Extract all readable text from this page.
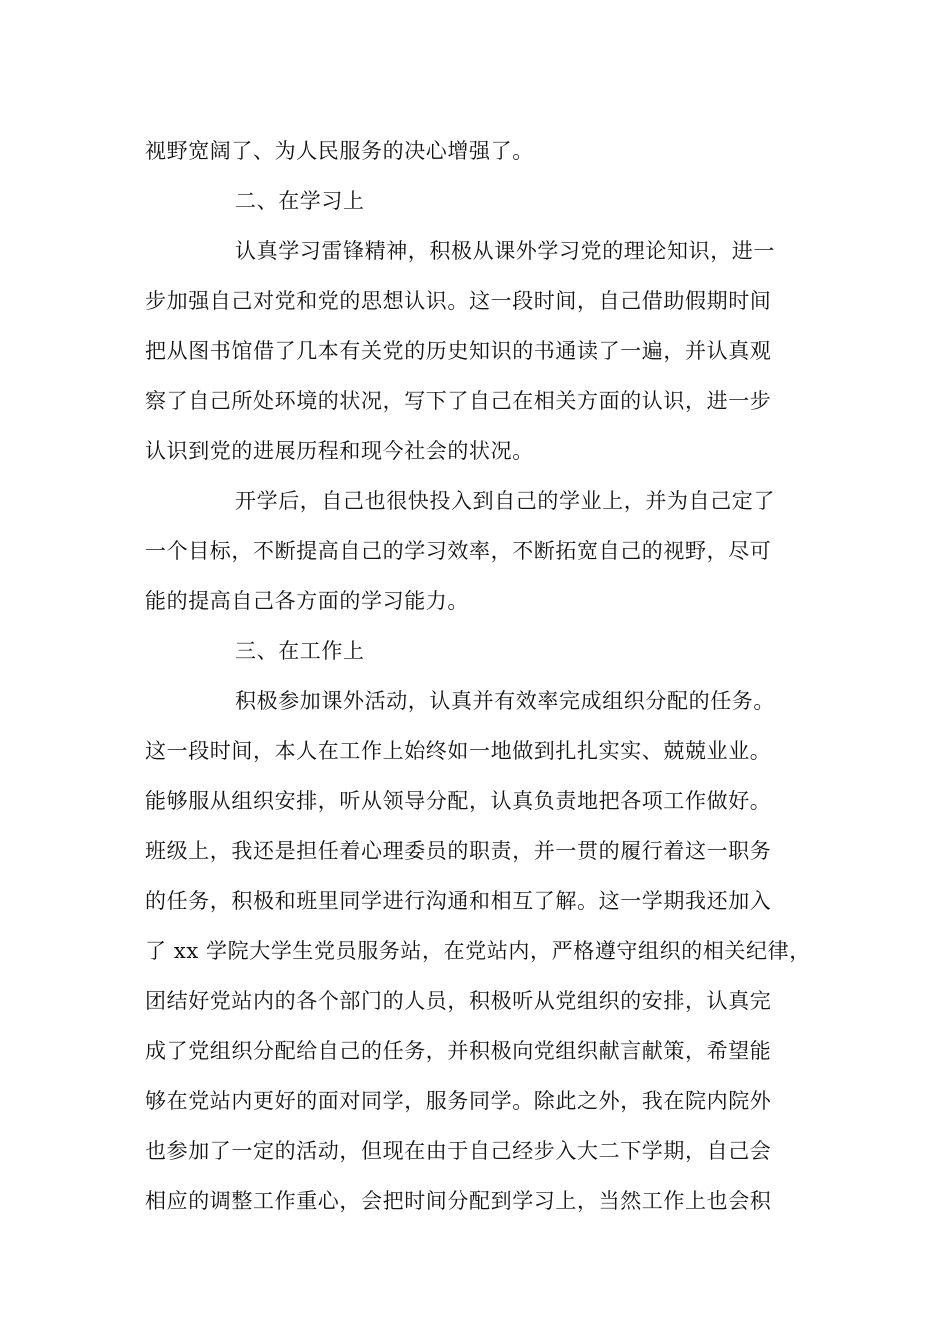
视野宽阔了、为人民服务的决心增强了。
二、在学习上
认真学习雷锋精神，积极从课外学习党的理论知识，进一
步加强自己对党和党的思想认识。这一段时间，自己借助假期时间
把从图书馆借了几本有关党的历史知识的书通读了一遍，并认真观
察了自己所处环境的状况，写下了自己在相关方面的认识，进一步
认识到党的进展历程和现今社会的状况。
开学后，自己也很快投入到自己的学业上，并为自己定了
一个目标，不断提高自己的学习效率，不断拓宽自己的视野，尽可
能的提高自己各方面的学习能力。
三、在工作上
积极参加课外活动，认真并有效率完成组织分配的任务。
这一段时间，本人在工作上始终如一地做到扎扎实实、兢兢业业。
能够服从组织安排，听从领导分配，认真负责地把各项工作做好。
班级上，我还是担任着心理委员的职责，并一贯的履行着这一职务
的任务，积极和班里同学进行沟通和相互了解。这一学期我还加入
了 xx 学院大学生党员服务站，在党站内，严格遵守组织的相关纪律，
团结好党站内的各个部门的人员，积极听从党组织的安排，认真完
成了党组织分配给自己的任务，并积极向党组织献言献策，希望能
够在党站内更好的面对同学，服务同学。除此之外，我在院内院外
也参加了一定的活动，但现在由于自己经步入大二下学期，自己会
相应的调整工作重心，会把时间分配到学习上，当然工作上也会积
